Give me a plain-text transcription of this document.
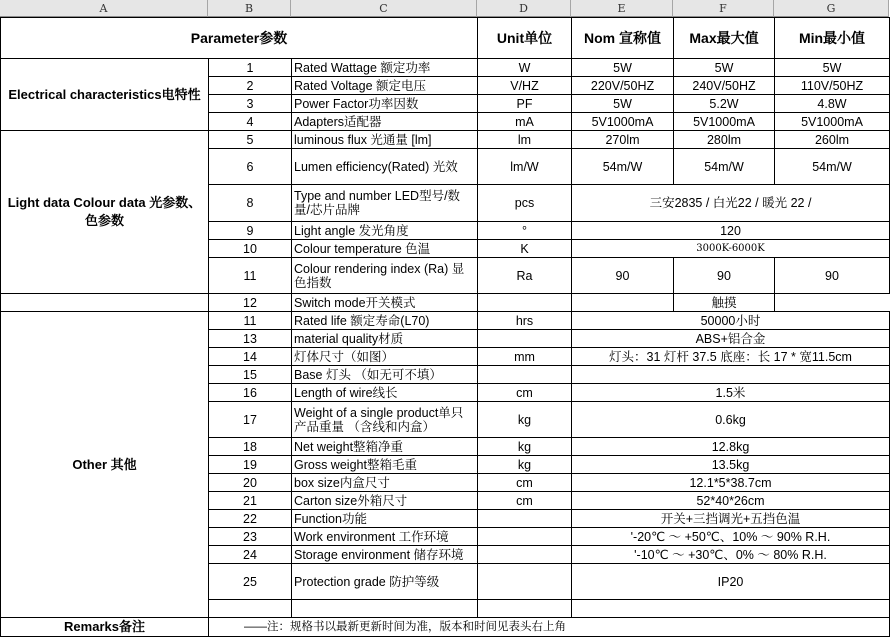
A	B	C	D	E	F	G
Parameter参数			Unit单位	Nom 宣称值	Max最大值	Min最小值
Electrical characteristics电特性	1	Rated Wattage 额定功率	W	5W	5W	5W
	2	Rated Voltage 额定电压	V/HZ	220V/50HZ	240V/50HZ	110V/50HZ
	3	Power Factor功率因数	PF	5W	5.2W	4.8W
	4	Adapters适配器	mA	5V1000mA	5V1000mA	5V1000mA
Light data Colour data 光参数、色参数	5	luminous flux 光通量 [lm]	lm	270lm	280lm	260lm
	6	Lumen efficiency(Rated) 光效	lm/W	54m/W	54m/W	54m/W
	8	Type and number LED型号/数量/芯片品牌	pcs	三安2835 / 白光22 / 暖光 22 /		
	9	Light angle 发光角度	°	120		
	10	Colour temperature 色温	K	3000K-6000K		
	11	Colour rendering index (Ra) 显色指数	Ra	90	90	90
	12	Switch mode开关模式			触摸	
Other 其他	11	Rated life 额定寿命(L70)	hrs	50000小时		
	13	material quality材质		ABS+铝合金		
	14	灯体尺寸（如图）	mm	灯头：31 灯杆 37.5 底座：长 17 * 宽11.5cm		
	15	Base 灯头 （如无可不填）				
	16	Length of wire线长	cm	1.5米		
	17	Weight of a single product单只产品重量 （含线和内盒）	kg	0.6kg		
	18	Net weight整箱净重	kg	12.8kg		
	19	Gross weight整箱毛重	kg	13.5kg		
	20	box size内盒尺寸	cm	12.1*5*38.7cm		
	21	Carton size外箱尺寸	cm	52*40*26cm		
	22	Function功能		开关+三挡调光+五挡色温		
	23	Work environment 工作环境		'-20℃ ～ +50℃、10% ～ 90% R.H.		
	24	Storage environment 储存环境		'-10℃ ～ +30℃、0% ～ 80% R.H.		
	25	Protection grade 防护等级		IP20		

Remarks备注	——注：规格书以最新更新时间为准，版本和时间见表头右上角					
